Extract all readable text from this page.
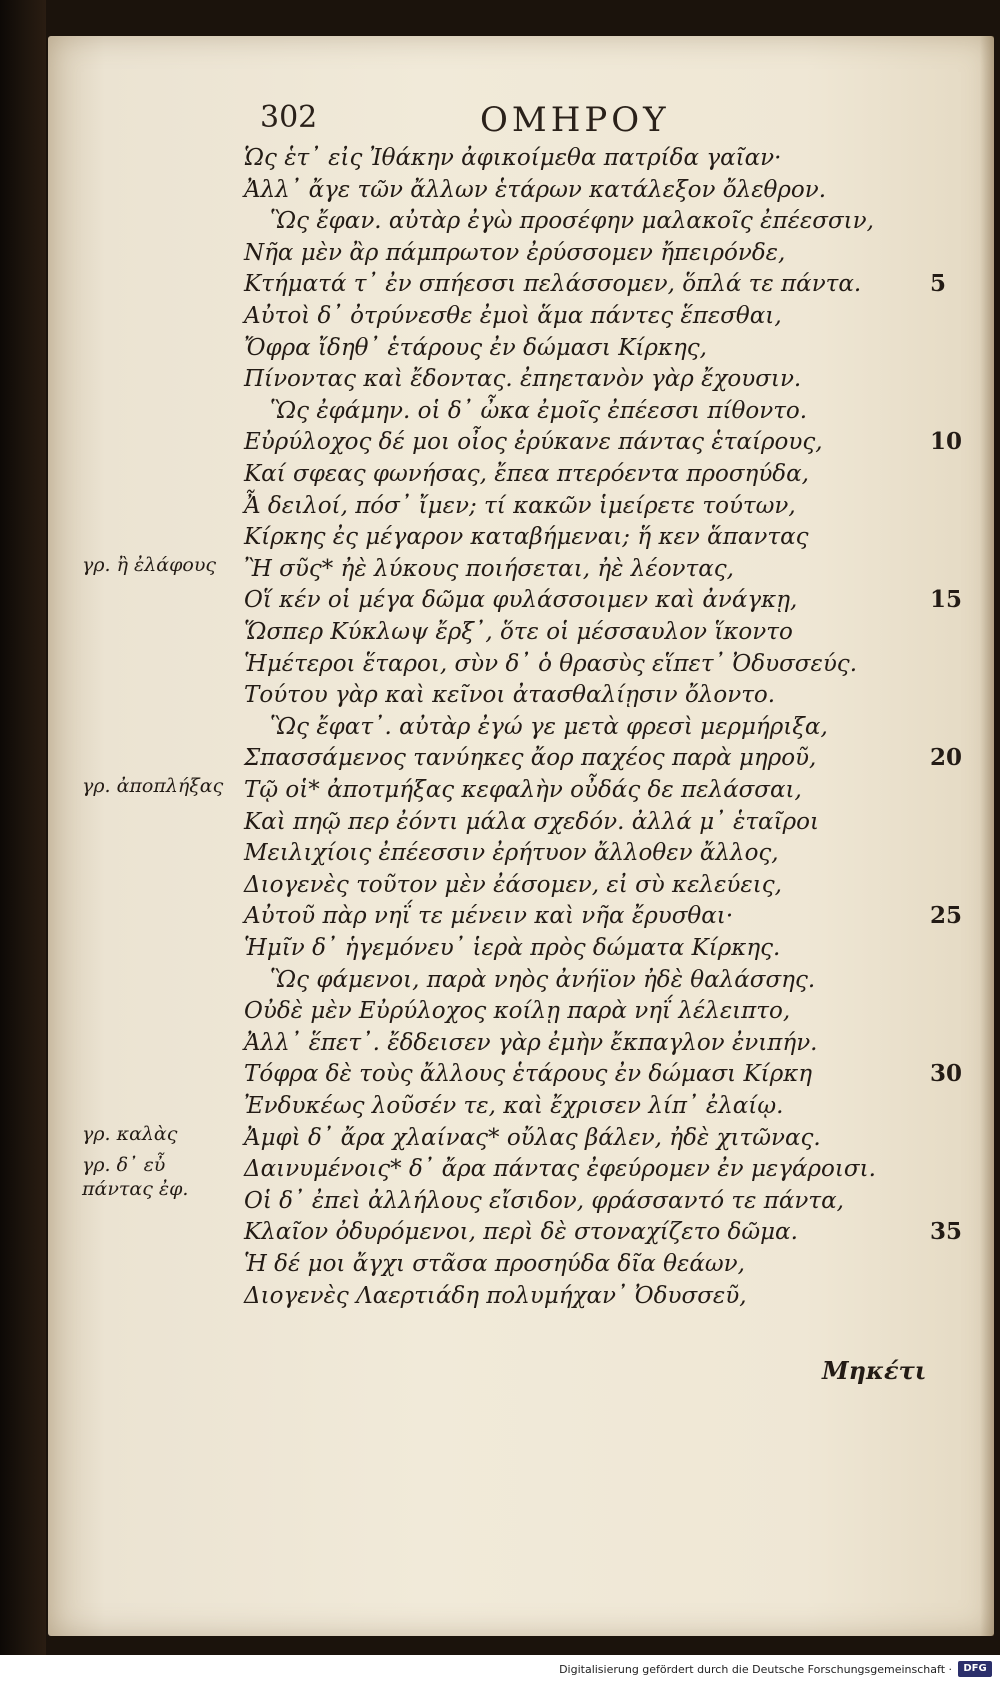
302	ΟΜΗΡΟΥ
Ὡς ἑτ᾽ εἰς Ἰθάκην ἀφικοίμεθα πατρίδα γαῖαν·
Ἀλλ᾽ ἄγε τῶν ἄλλων ἑτάρων κατάλεξον ὄλεθρον.
Ὣς ἔφαν. αὐτὰρ ἐγὼ προσέφην μαλακοῖς ἐπέεσσιν,
Νῆα μὲν ἂρ πάμπρωτον ἐρύσσομεν ἤπειρόνδε,
Κτήματά τ᾽ ἐν σπήεσσι πελάσσομεν, ὅπλά τε πάντα.	5
Αὐτοὶ δ᾽ ὀτρύνεσθε ἐμοὶ ἅμα πάντες ἕπεσθαι,
Ὄφρα ἴδηθ᾽ ἑτάρους ἐν δώμασι Κίρκης,
Πίνοντας καὶ ἔδοντας. ἐπηετανὸν γὰρ ἔχουσιν.
Ὣς ἐφάμην. οἱ δ᾽ ὦκα ἐμοῖς ἐπέεσσι πίθοντο.
Εὐρύλοχος δέ μοι οἶος ἐρύκανε πάντας ἑταίρους,	10
Καί σφεας φωνήσας, ἔπεα πτερόεντα προσηύδα,
Ἆ δειλοί, πόσ᾽ ἴμεν; τί κακῶν ἱμείρετε τούτων,
Κίρκης ἐς μέγαρον καταβήμεναι; ἥ κεν ἅπαντας
Ἢ σῦς* ἠὲ λύκους ποιήσεται, ἠὲ λέοντας,
γρ. ἢ ἐλάφους
Οἵ κέν οἱ μέγα δῶμα φυλάσσοιμεν καὶ ἀνάγκῃ,	15
Ὥσπερ Κύκλωψ ἔρξ᾽, ὅτε οἱ μέσσαυλον ἵκοντο
Ἡμέτεροι ἕταροι, σὺν δ᾽ ὁ θρασὺς εἵπετ᾽ Ὀδυσσεύς.
Τούτου γὰρ καὶ κεῖνοι ἀτασθαλίῃσιν ὄλοντο.
Ὣς ἔφατ᾽. αὐτὰρ ἐγώ γε μετὰ φρεσὶ μερμήριξα,
Σπασσάμενος τανύηκες ἄορ παχέος παρὰ μηροῦ,	20
Τῷ οἱ* ἀποτμήξας κεφαλὴν οὖδάς δε πελάσσαι,
γρ. ἀποπλήξας
Καὶ πηῷ περ ἐόντι μάλα σχεδόν. ἀλλά μ᾽ ἑταῖροι
Μειλιχίοις ἐπέεσσιν ἐρήτυον ἄλλοθεν ἄλλος,
Διογενὲς τοῦτον μὲν ἐάσομεν, εἰ σὺ κελεύεις,
Αὐτοῦ πὰρ νηΐ τε μένειν καὶ νῆα ἔρυσθαι·	25
Ἡμῖν δ᾽ ἡγεμόνευ᾽ ἱερὰ πρὸς δώματα Κίρκης.
Ὣς φάμενοι, παρὰ νηὸς ἀνήϊον ἠδὲ θαλάσσης.
Οὐδὲ μὲν Εὐρύλοχος κοίλῃ παρὰ νηΐ λέλειπτο,
Ἀλλ᾽ ἕπετ᾽. ἔδδεισεν γὰρ ἐμὴν ἔκπαγλον ἐνιπήν.
Τόφρα δὲ τοὺς ἄλλους ἑτάρους ἐν δώμασι Κίρκη	30
Ἐνδυκέως λοῦσέν τε, καὶ ἔχρισεν λίπ᾽ ἐλαίῳ.
Ἀμφὶ δ᾽ ἄρα χλαίνας* οὔλας βάλεν, ἠδὲ χιτῶνας.
γρ. καλὰς
Δαινυμένοις* δ᾽ ἄρα πάντας ἐφεύρομεν ἐν μεγάροισι.
γρ. δ᾽ εὖ πάντας ἐφ.	Οἱ δ᾽ ἐπεὶ ἀλλήλους εἴσιδον, φράσσαντό τε πάντα,
Κλαῖον ὀδυρόμενοι, περὶ δὲ στοναχίζετο δῶμα.	35
Ἡ δέ μοι ἄγχι στᾶσα προσηύδα δῖα θεάων,
Διογενὲς Λαερτιάδη πολυμήχαν᾽ Ὀδυσσεῦ,
Μηκέτι
Digitalisierung gefördert durch die Deutsche Forschungsgemeinschaft ·	DFG
